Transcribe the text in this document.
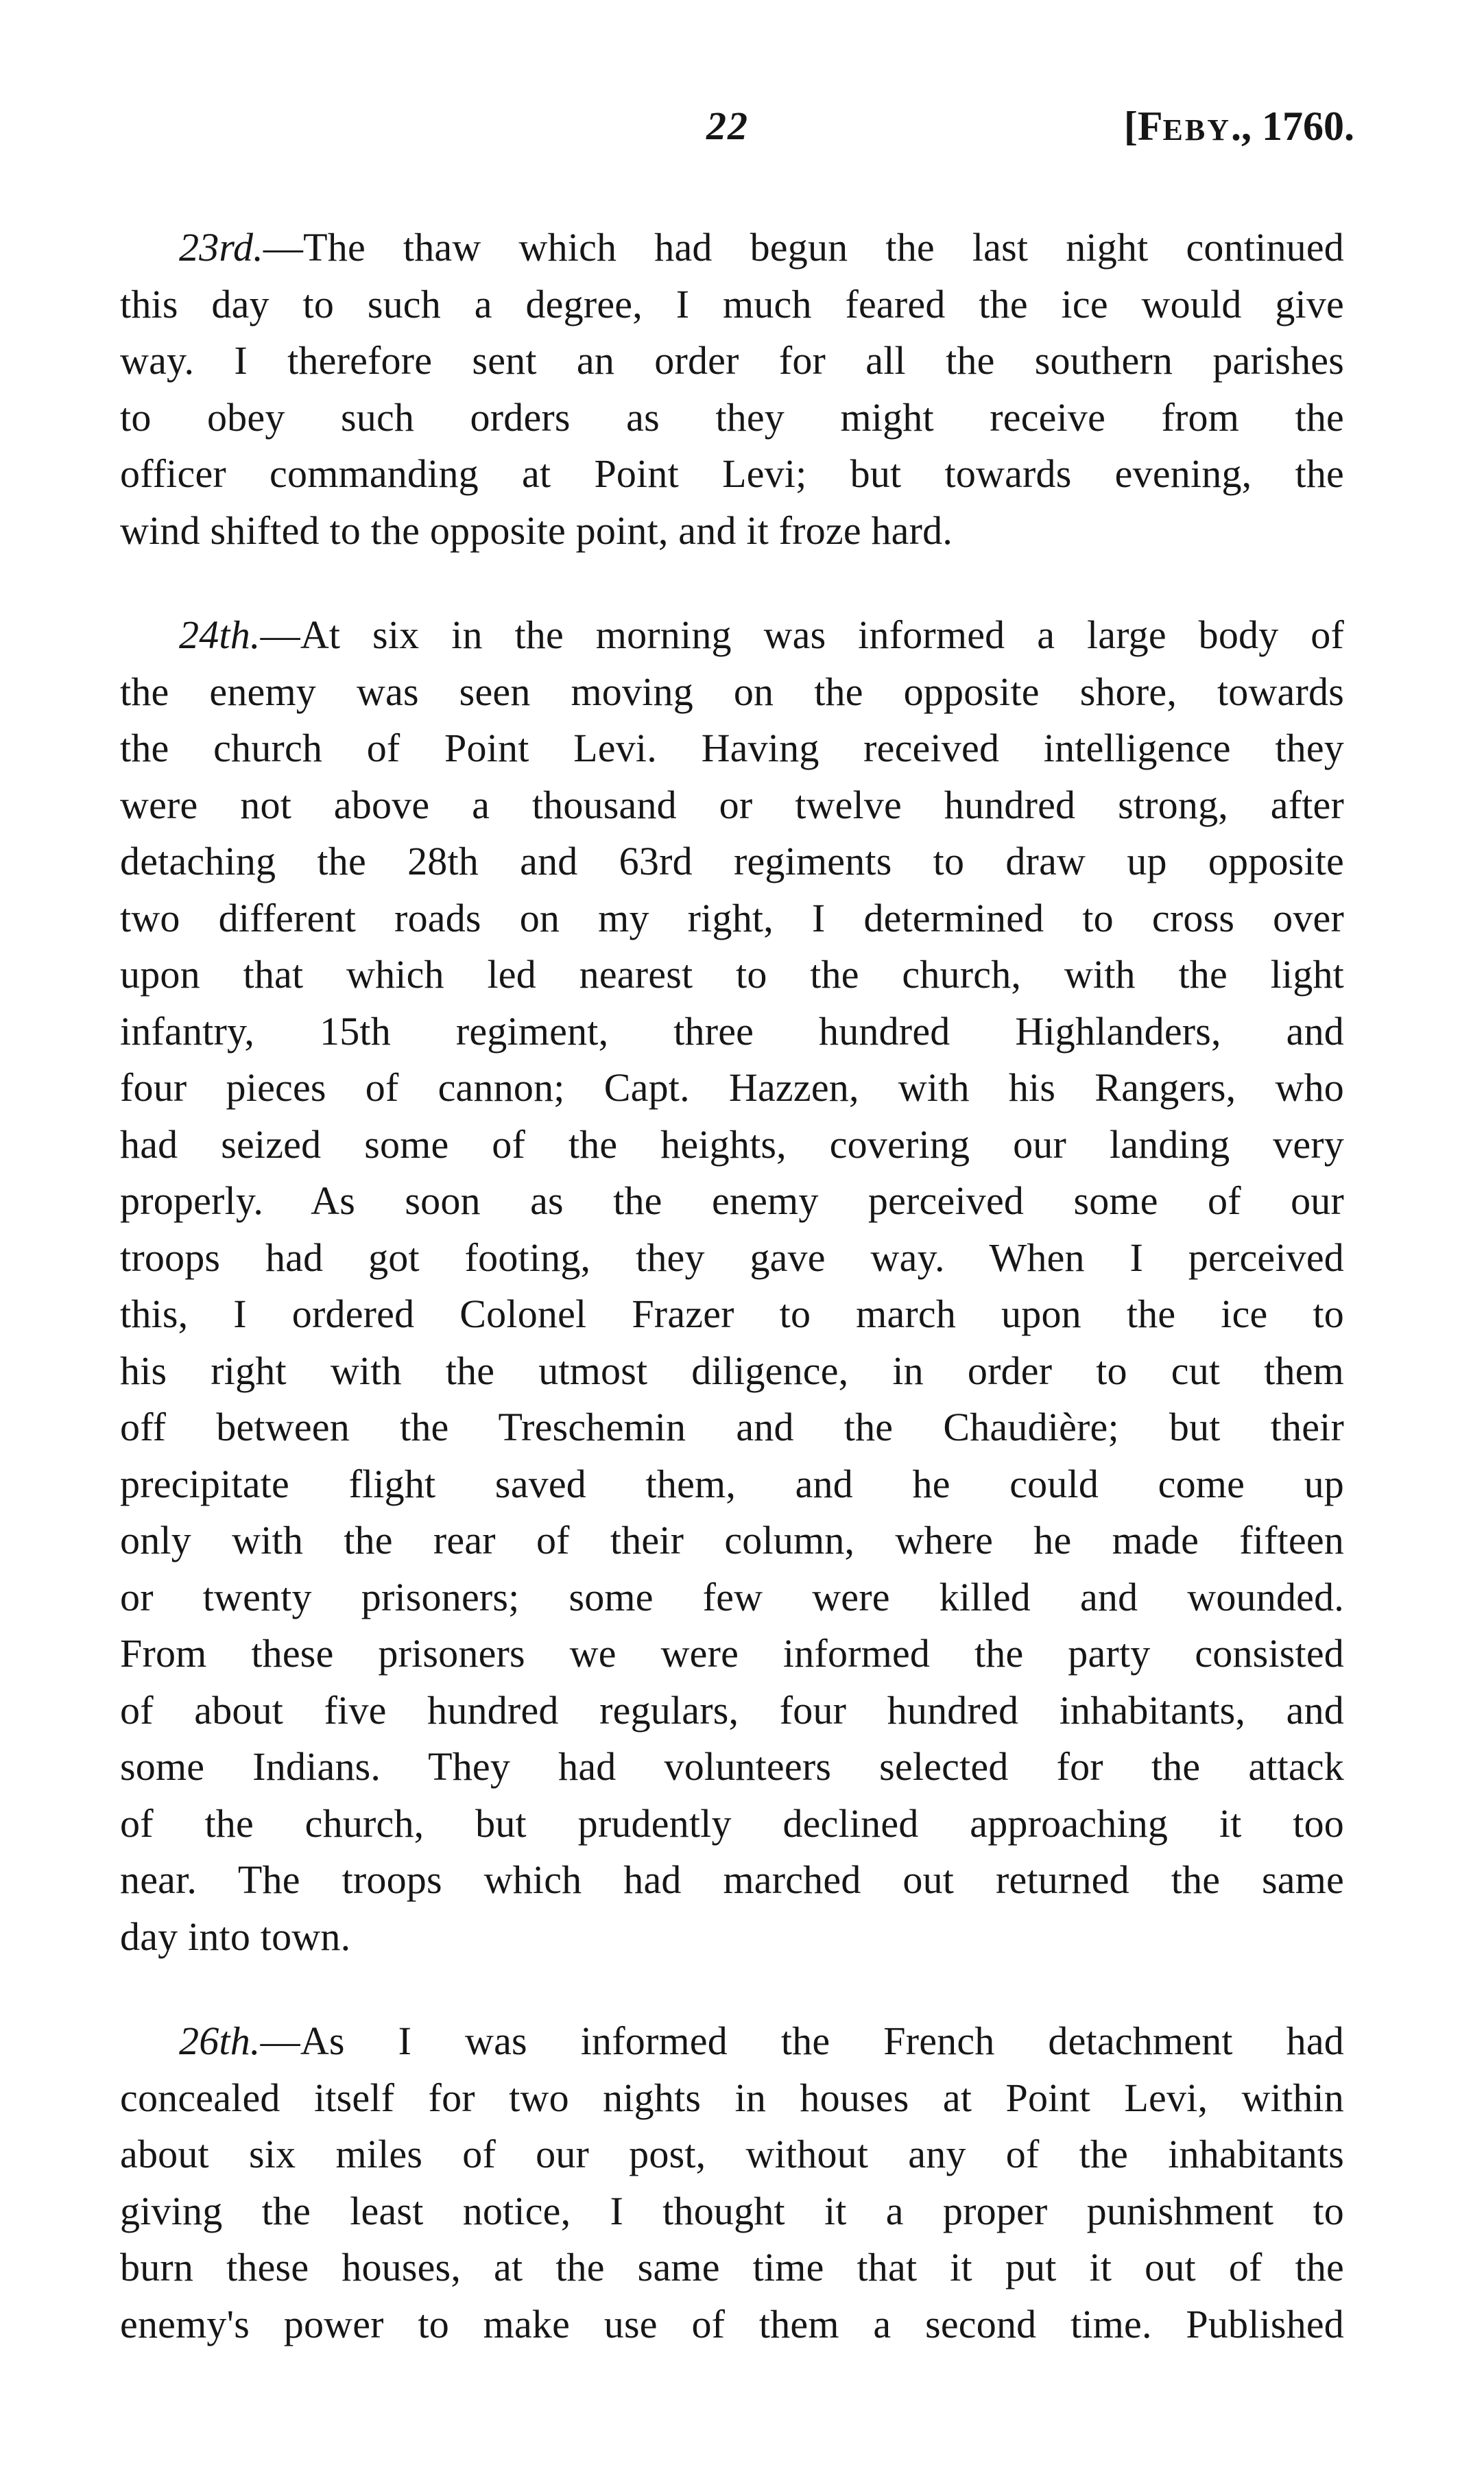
22	[FEBY., 1760.
23rd.—The thaw which had begun the last night continued
this day to such a degree, I much feared the ice would give
way. I therefore sent an order for all the southern parishes
to obey such orders as they might receive from the
officer commanding at Point Levi; but towards evening, the
wind shifted to the opposite point, and it froze hard.
24th.—At six in the morning was informed a large body of
the enemy was seen moving on the opposite shore, towards
the church of Point Levi. Having received intelligence they
were not above a thousand or twelve hundred strong, after
detaching the 28th and 63rd regiments to draw up opposite
two different roads on my right, I determined to cross over
upon that which led nearest to the church, with the light
infantry, 15th regiment, three hundred Highlanders, and
four pieces of cannon; Capt. Hazzen, with his Rangers, who
had seized some of the heights, covering our landing very
properly. As soon as the enemy perceived some of our
troops had got footing, they gave way. When I perceived
this, I ordered Colonel Frazer to march upon the ice to
his right with the utmost diligence, in order to cut them
off between the Treschemin and the Chaudière; but their
precipitate flight saved them, and he could come up
only with the rear of their column, where he made fifteen
or twenty prisoners; some few were killed and wounded.
From these prisoners we were informed the party consisted
of about five hundred regulars, four hundred inhabitants, and
some Indians. They had volunteers selected for the attack
of the church, but prudently declined approaching it too
near. The troops which had marched out returned the same
day into town.
26th.—As I was informed the French detachment had
concealed itself for two nights in houses at Point Levi, within
about six miles of our post, without any of the inhabitants
giving the least notice, I thought it a proper punishment to
burn these houses, at the same time that it put it out of the
enemy's power to make use of them a second time. Published
